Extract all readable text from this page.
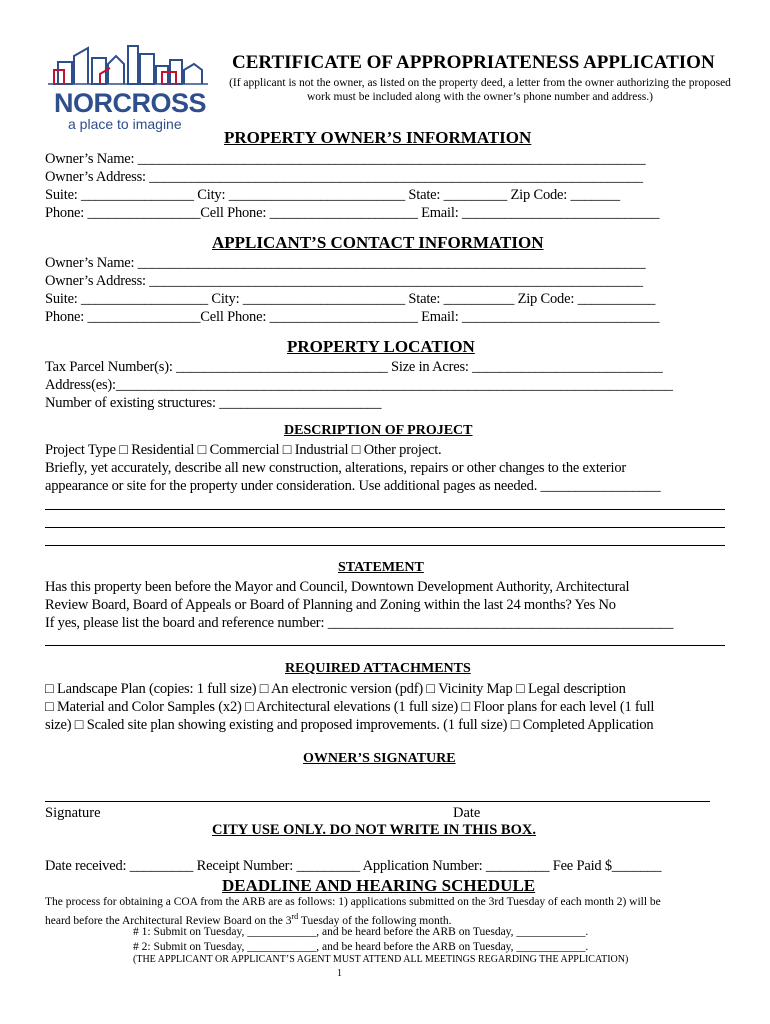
NORCROSS
a place to imagine
CERTIFICATE OF APPROPRIATENESS APPLICATION
(If applicant is not the owner, as listed on the property deed, a letter from the owner authorizing the proposed
work must be included along with the owner’s phone number and address.)
PROPERTY OWNER’S INFORMATION
Owner’s Name: ________________________________________________________________________
Owner’s Address: ______________________________________________________________________
Suite: ________________ City: _________________________ State: _________ Zip Code: _______
Phone: ________________Cell Phone: _____________________ Email: ____________________________
APPLICANT’S CONTACT INFORMATION
Owner’s Name: ________________________________________________________________________
Owner’s Address: ______________________________________________________________________
Suite: __________________ City: _______________________ State: __________ Zip Code: ___________
Phone: ________________Cell Phone: _____________________ Email: ____________________________
PROPERTY LOCATION
Tax Parcel Number(s): ______________________________ Size in Acres: ___________________________
Address(es):_______________________________________________________________________________
Number of existing structures: _______________________
DESCRIPTION OF PROJECT
Project Type □ Residential □ Commercial □ Industrial □ Other project.
Briefly, yet accurately, describe all new construction, alterations, repairs or other changes to the exterior
appearance or site for the property under consideration. Use additional pages as needed. _________________
STATEMENT
Has this property been before the Mayor and Council, Downtown Development Authority, Architectural
Review Board, Board of Appeals or Board of Planning and Zoning within the last 24 months? Yes No
If yes, please list the board and reference number: _________________________________________________
REQUIRED ATTACHMENTS
□ Landscape Plan (copies: 1 full size) □ An electronic version (pdf) □ Vicinity Map □ Legal description
□ Material and Color Samples (x2) □ Architectural elevations (1 full size) □ Floor plans for each level (1 full
size) □ Scaled site plan showing existing and proposed improvements. (1 full size) □ Completed Application
OWNER’S SIGNATURE
Signature	Date
CITY USE ONLY. DO NOT WRITE IN THIS BOX.
Date received: _________ Receipt Number: _________ Application Number: _________ Fee Paid $_______
DEADLINE AND HEARING SCHEDULE
The process for obtaining a COA from the ARB are as follows: 1) applications submitted on the 3rd Tuesday of each month 2) will be
heard before the Architectural Review Board on the 3rd Tuesday of the following month.
# 1: Submit on Tuesday, ____________, and be heard before the ARB on Tuesday, ____________.
# 2: Submit on Tuesday, ____________, and be heard before the ARB on Tuesday, ____________.
(THE APPLICANT OR APPLICANT’S AGENT MUST ATTEND ALL MEETINGS REGARDING THE APPLICATION)
1
